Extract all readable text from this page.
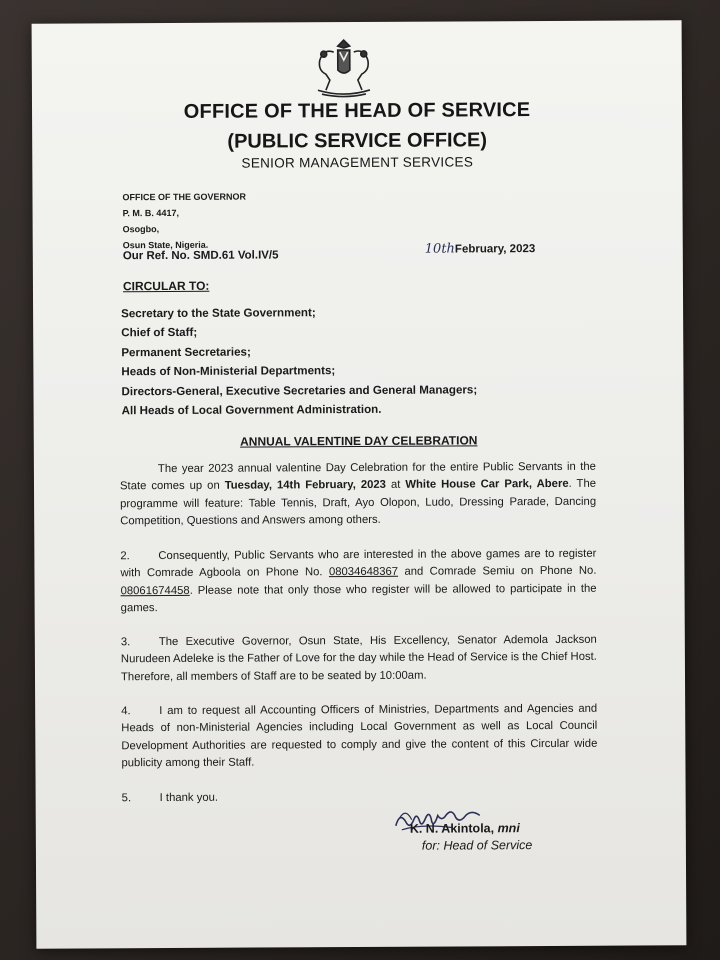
OFFICE OF THE HEAD OF SERVICE
(PUBLIC SERVICE OFFICE)
SENIOR MANAGEMENT SERVICES
OFFICE OF THE GOVERNOR
P. M. B. 4417,
Osogbo,
Osun State, Nigeria.
Our Ref. No. SMD.61 Vol.IV/5	10thFebruary, 2023
CIRCULAR TO:
Secretary to the State Government;
Chief of Staff;
Permanent Secretaries;
Heads of Non-Ministerial Departments;
Directors-General, Executive Secretaries and General Managers;
All Heads of Local Government Administration.
ANNUAL VALENTINE DAY CELEBRATION
The year 2023 annual valentine Day Celebration for the entire Public Servants in the State comes up on Tuesday, 14th February, 2023 at White House Car Park, Abere. The programme will feature: Table Tennis, Draft, Ayo Olopon, Ludo, Dressing Parade, Dancing Competition, Questions and Answers among others.
2.	Consequently, Public Servants who are interested in the above games are to register with Comrade Agboola on Phone No. 08034648367 and Comrade Semiu on Phone No. 08061674458. Please note that only those who register will be allowed to participate in the games.
3.	The Executive Governor, Osun State, His Excellency, Senator Ademola Jackson Nurudeen Adeleke is the Father of Love for the day while the Head of Service is the Chief Host. Therefore, all members of Staff are to be seated by 10:00am.
4.	I am to request all Accounting Officers of Ministries, Departments and Agencies and Heads of non-Ministerial Agencies including Local Government as well as Local Council Development Authorities are requested to comply and give the content of this Circular wide publicity among their Staff.
5.	I thank you.
K. N. Akintola, mni
for: Head of Service
